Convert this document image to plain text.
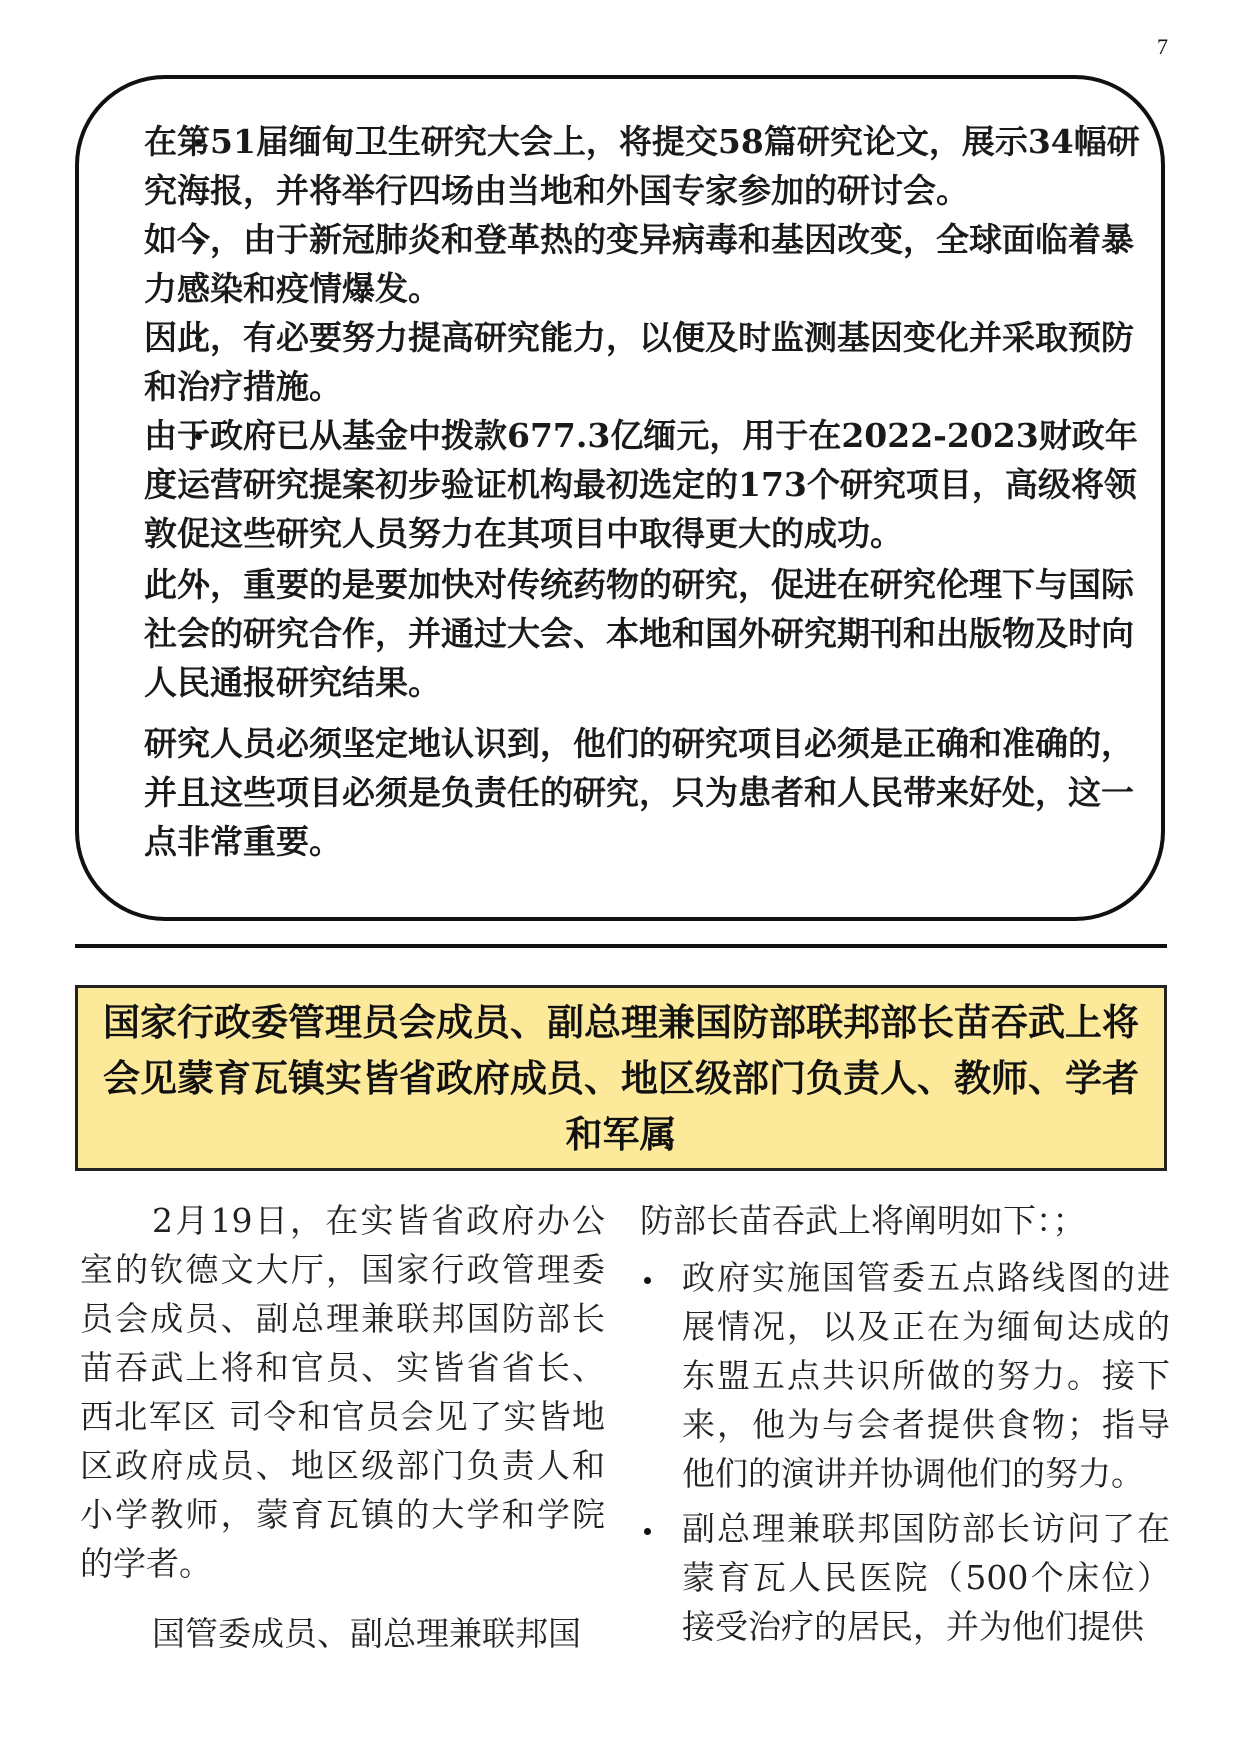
7
在第51届缅甸卫生研究大会上，将提交58篇研究论文，展示34幅研究海报，并将举行四场由当地和外国专家参加的研讨会。
如今，由于新冠肺炎和登革热的变异病毒和基因改变，全球面临着暴力感染和疫情爆发。
因此，有必要努力提高研究能力，以便及时监测基因变化并采取预防和治疗措施。
由于政府已从基金中拨款677.3亿缅元，用于在2022-2023财政年度运营研究提案初步验证机构最初选定的173个研究项目，高级将领敦促这些研究人员努力在其项目中取得更大的成功。
此外，重要的是要加快对传统药物的研究，促进在研究伦理下与国际社会的研究合作，并通过大会、本地和国外研究期刊和出版物及时向人民通报研究结果。
研究人员必须坚定地认识到，他们的研究项目必须是正确和准确的，并且这些项目必须是负责任的研究，只为患者和人民带来好处，这一点非常重要。
国家行政委管理员会成员、副总理兼国防部联邦部长苗吞武上将会见蒙育瓦镇实皆省政府成员、地区级部门负责人、教师、学者和军属

2月19日，在实皆省政府办公室的钦德文大厅，国家行政管理委员会成员、副总理兼联邦国防部长苗吞武上将和官员、实皆省省长、西北军区 司令和官员会见了实皆地区政府成员、地区级部门负责人和小学教师，蒙育瓦镇的大学和学院的学者。

国管委成员、副总理兼联邦国

防部长苗吞武上将阐明如下：；
政府实施国管委五点路线图的进展情况，以及正在为缅甸达成的东盟五点共识所做的努力。接下来，他为与会者提供食物；指导他们的演讲并协调他们的努力。
副总理兼联邦国防部长访问了在蒙育瓦人民医院（500个床位）接受治疗的居民，并为他们提供
